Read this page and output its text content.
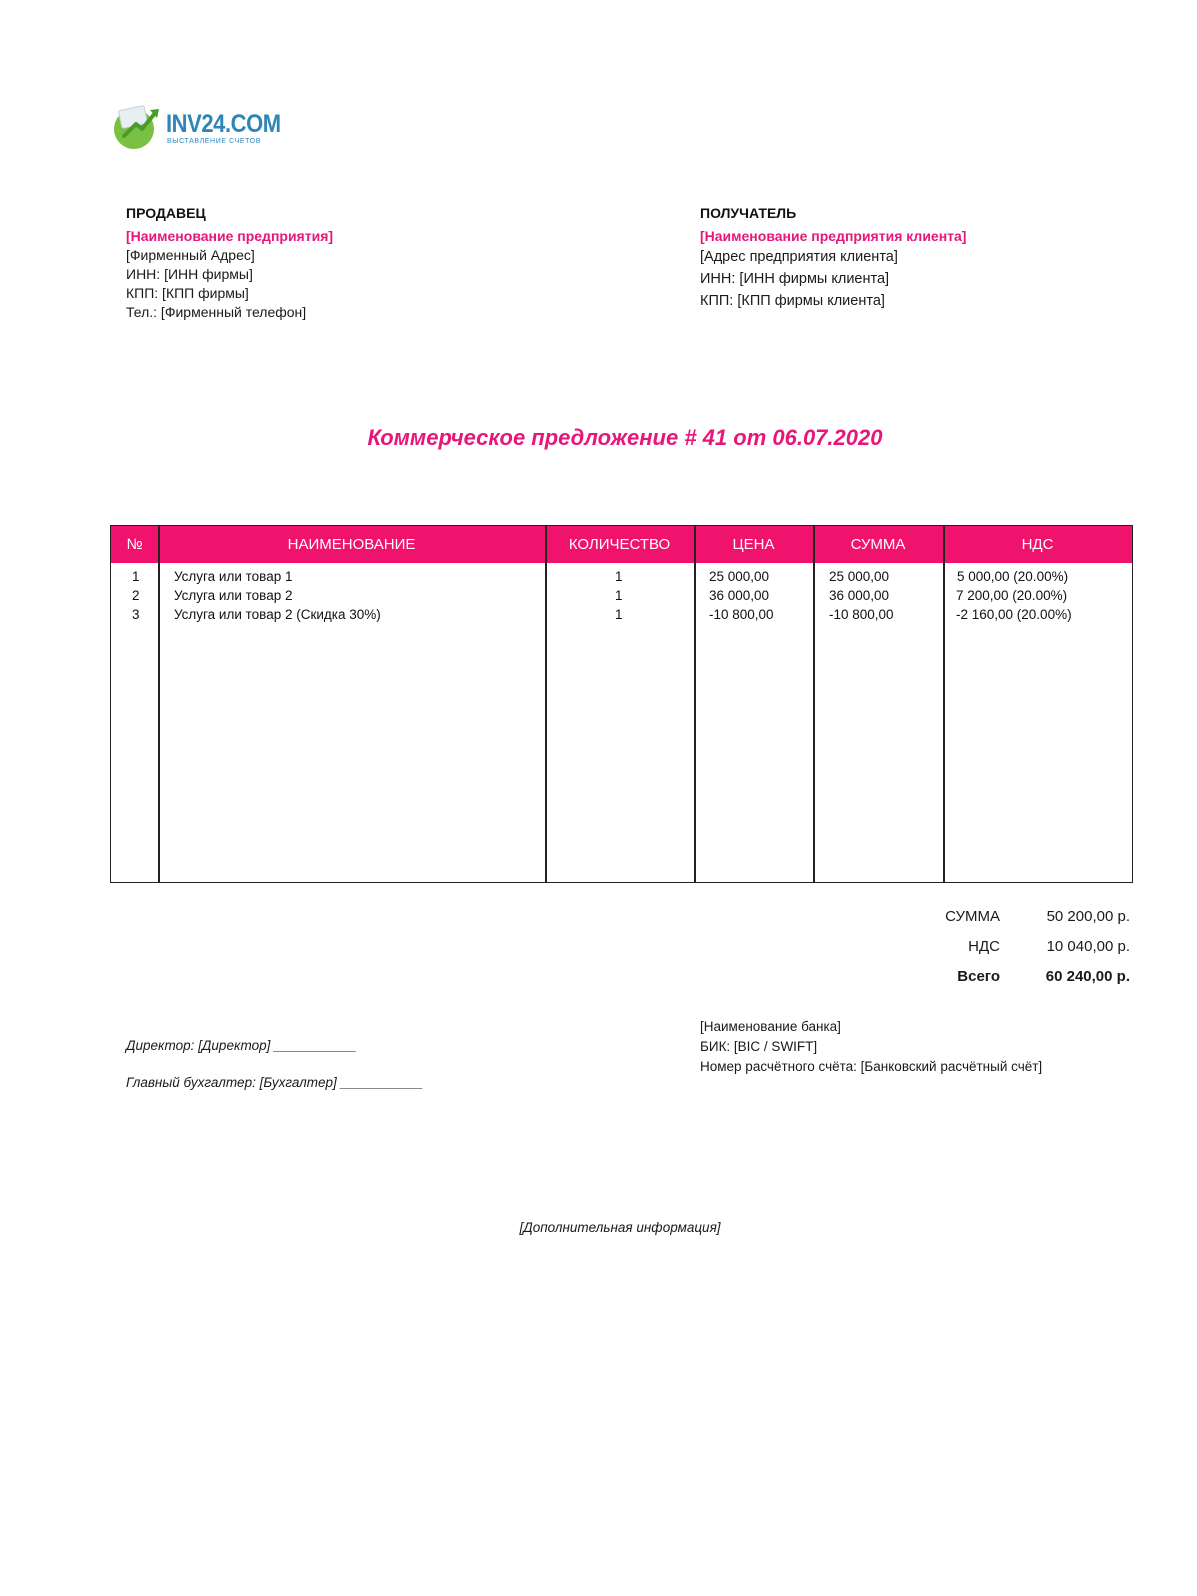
INV24.COM
ВЫСТАВЛЕНИЕ СЧЕТОВ
ПРОДАВЕЦ
[Наименование предприятия]
[Фирменный Адрес]
ИНН: [ИНН фирмы]
КПП: [КПП фирмы]
Тел.: [Фирменный телефон]
ПОЛУЧАТЕЛЬ
[Наименование предприятия клиента]
[Адрес предприятия клиента]
ИНН: [ИНН фирмы клиента]
КПП: [КПП фирмы клиента]
Коммерческое предложение # 41 от 06.07.2020
№	НАИМЕНОВАНИЕ	КОЛИЧЕСТВО	ЦЕНА	СУММА	НДС
1	Услуга или товар 1	1	25 000,00	25 000,00	5 000,00 (20.00%)
2	Услуга или товар 2	1	36 000,00	36 000,00	7 200,00 (20.00%)
3	Услуга или товар 2 (Скидка 30%)	1	-10 800,00	-10 800,00	-2 160,00 (20.00%)
СУММА	50 200,00 р.
НДС	10 040,00 р.
Всего	60 240,00 р.
Директор: [Директор] ___________
Главный бухгалтер: [Бухгалтер] ___________
[Наименование банка]
БИК: [BIC / SWIFT]
Номер расчётного счёта: [Банковский расчётный счёт]
[Дополнительная информация]
